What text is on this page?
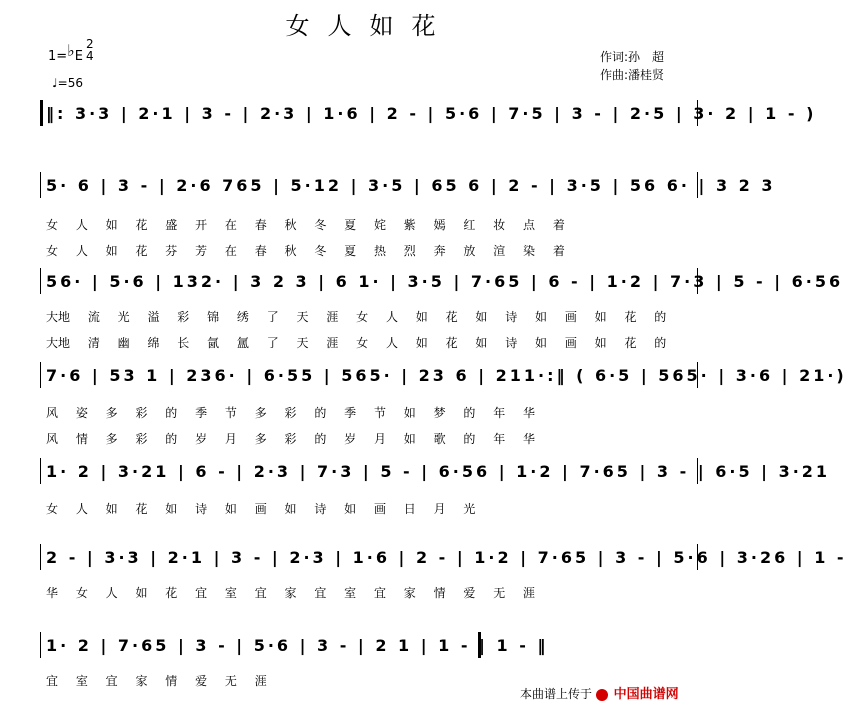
女人如花
1=♭E
2
4
♩=56
作词:孙　超
作曲:潘桂贤
‖: 3·3 | 2·1 | 3 - | 2·3 | 1·6 | 2 - | 5·6 | 7·5 | 3 - | 2·5 | 3· 2 | 1 - )
5· 6 | 3 - | 2·6 765 | 5·12 | 3·5 | 65 6 | 2 - | 3·5 | 56 6· | 3 2 3
女 人 如 花 盛 开 在 春 秋 冬 夏 姹 紫 嫣 红 妆 点 着
女 人 如 花 芬 芳 在 春 秋 冬 夏 热 烈 奔 放 渲 染 着
56· | 5·6 | 132· | 3 2 3 | 6 1· | 3·5 | 7·65 | 6 - | 1·2 | 7·3 | 5 - | 6·56
大地 流 光 溢 彩 锦 绣 了 天 涯 女 人 如 花 如 诗 如 画 如 花 的
大地 清 幽 绵 长 氤 氲 了 天 涯 女 人 如 花 如 诗 如 画 如 花 的
7·6 | 53 1 | 236· | 6·55 | 565· | 23 6 | 211·:‖ ( 6·5 | 565· | 3·6 | 21·)
风 姿 多 彩 的 季 节 多 彩 的 季 节 如 梦 的 年 华
风 情 多 彩 的 岁 月 多 彩 的 岁 月 如 歌 的 年 华
1· 2 | 3·21 | 6 - | 2·3 | 7·3 | 5 - | 6·56 | 1·2 | 7·65 | 3 - | 6·5 | 3·21
女 人 如 花 如 诗 如 画 如 诗 如 画 日 月 光
2 - | 3·3 | 2·1 | 3 - | 2·3 | 1·6 | 2 - | 1·2 | 7·65 | 3 - | 5·6 | 3·26 | 1 -
华 女 人 如 花 宜 室 宜 家 宜 室 宜 家 情 爱 无 涯
1· 2 | 7·65 | 3 - | 5·6 | 3 - | 2 1 | 1 - | 1 - ‖
宜 室 宜 家 情 爱 无 涯
本曲谱上传于 中国曲谱网
